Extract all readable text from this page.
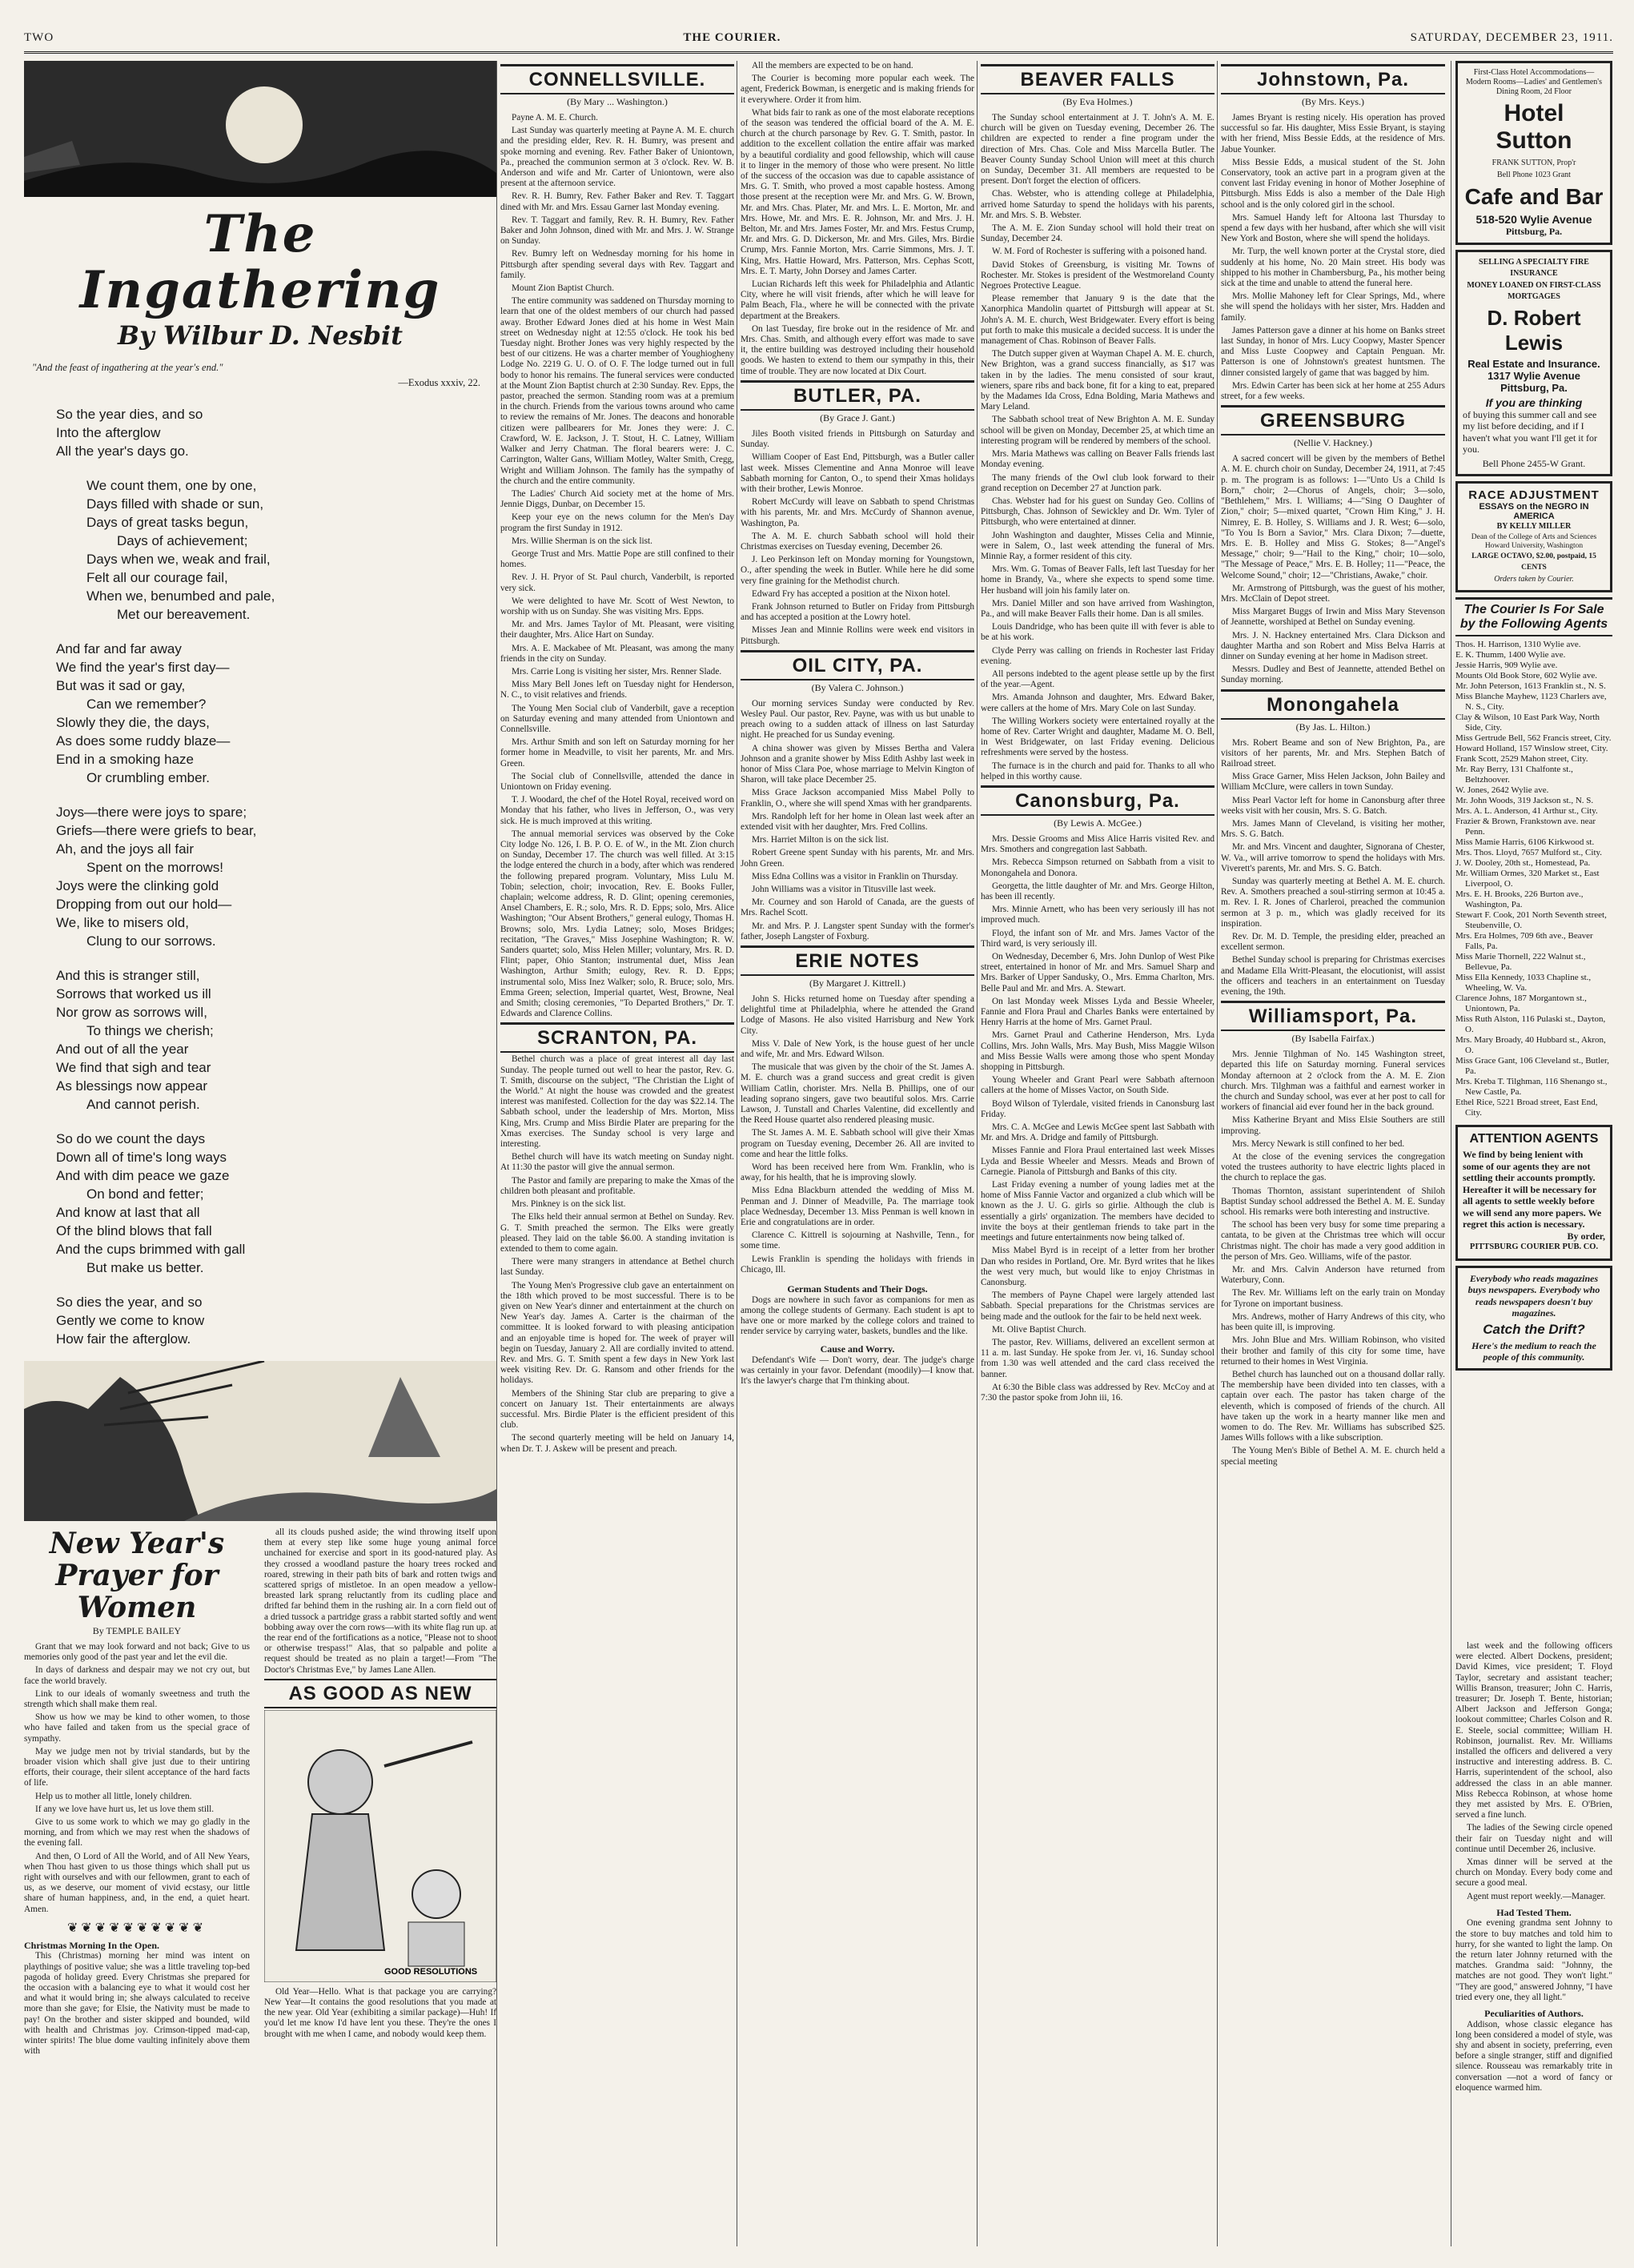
TWO	THE COURIER.	SATURDAY, DECEMBER 23, 1911.
The Ingathering
By Wilbur D. Nesbit
"And the feast of ingathering at the year's end."
—Exodus xxxiv, 22.
So the year dies, and so
Into the afterglow
All the year's days go.
We count them, one by one,
Days filled with shade or sun,
Days of great tasks begun,
Days of achievement;
Days when we, weak and frail,
Felt all our courage fail,
When we, benumbed and pale,
Met our bereavement.
And far and far away
We find the year's first day—
But was it sad or gay,
Can we remember?
Slowly they die, the days,
As does some ruddy blaze—
End in a smoking haze
Or crumbling ember.
Joys—there were joys to spare;
Griefs—there were griefs to bear,
Ah, and the joys all fair
Spent on the morrows!
Joys were the clinking gold
Dropping from out our hold—
We, like to misers old,
Clung to our sorrows.
And this is stranger still,
Sorrows that worked us ill
Nor grow as sorrows will,
To things we cherish;
And out of all the year
We find that sigh and tear
As blessings now appear
And cannot perish.
So do we count the days
Down all of time's long ways
And with dim peace we gaze
On bond and fetter;
And know at last that all
Of the blind blows that fall
And the cups brimmed with gall
But make us better.
So dies the year, and so
Gently we come to know
How fair the afterglow.
New Year's Prayer for Women
By TEMPLE BAILEY

Grant that we may look forward and not back; Give to us memories only good of the past year and let the evil die.

In days of darkness and despair may we not cry out, but face the world bravely.

Link to our ideals of womanly sweetness and truth the strength which shall make them real.

Show us how we may be kind to other women, to those who have failed and taken from us the special grace of sympathy.

May we judge men not by trivial standards, but by the broader vision which shall give just due to their untiring efforts, their courage, their silent acceptance of the hard facts of life.

Help us to mother all little, lonely children.

If any we love have hurt us, let us love them still.

Give to us some work to which we may go gladly in the morning, and from which we may rest when the shadows of the evening fall.

And then, O Lord of All the World, and of All New Years, when Thou hast given to us those things which shall put us right with ourselves and with our fellowmen, grant to each of us, as we deserve, our moment of vivid ecstasy, our little share of human happiness, and, in the end, a quiet heart. Amen.

❦❦❦❦❦❦❦❦❦❦
Christmas Morning In the Open.

This (Christmas) morning her mind was intent on playthings of positive value; she was a little traveling top-bed pagoda of holiday greed. Every Christmas she prepared for the occasion with a balancing eye to what it would cost her and what it would bring in; she always calculated to receive more than she gave; for Elsie, the Nativity must be made to pay! On the brother and sister skipped and bounded, wild with health and Christmas joy. Crimson-tipped mad-cap, winter spirits! The blue dome vaulting infinitely above them with

all its clouds pushed aside; the wind throwing itself upon them at every step like some huge young animal force unchained for exercise and sport in its good-natured play. As they crossed a woodland pasture the hoary trees rocked and roared, strewing in their path bits of bark and rotten twigs and scattered sprigs of mistletoe. In an open meadow a yellow-breasted lark sprang reluctantly from its cudling place and drifted far behind them in the rushing air. In a corn field out of a dried tussock a partridge grass a rabbit started softly and went bobbing away over the corn rows—with its white flag run up. at the rear end of the fortifications as a notice, "Please not to shoot or otherwise trespass!" Alas, that so palpable and polite a request should be treated as no plain a target!—From "The Doctor's Christmas Eve," by James Lane Allen.

AS GOOD AS NEW
GOOD RESOLUTIONS

Old Year—Hello. What is that package you are carrying? New Year—It contains the good resolutions that you made at the new year. Old Year (exhibiting a similar package)—Huh! If you'd let me know I'd have lent you these. They're the ones I brought with me when I came, and nobody would keep them.

CONNELLSVILLE.
(By Mary ... Washington.)

Payne A. M. E. Church.

Last Sunday was quarterly meeting at Payne A. M. E. church and the presiding elder, Rev. R. H. Bumry, was present and spoke morning and evening. Rev. Father Baker of Uniontown, Pa., preached the communion sermon at 3 o'clock. Rev. W. B. Anderson and wife and Mr. Carter of Uniontown, were also present at the afternoon service.

Rev. R. H. Bumry, Rev. Father Baker and Rev. T. Taggart dined with Mr. and Mrs. Essau Garner last Monday evening.

Rev. T. Taggart and family, Rev. R. H. Bumry, Rev. Father Baker and John Johnson, dined with Mr. and Mrs. J. W. Strange on Sunday.

Rev. Bumry left on Wednesday morning for his home in Pittsburgh after spending several days with Rev. Taggart and family.

Mount Zion Baptist Church.

The entire community was saddened on Thursday morning to learn that one of the oldest members of our church had passed away. Brother Edward Jones died at his home in West Main street on Wednesday night at 12:55 o'clock. He took his bed Tuesday night. Brother Jones was very highly respected by the best of our citizens. He was a charter member of Youghiogheny Lodge No. 2219 G. U. O. of O. F. The lodge turned out in full body to honor his remains. The funeral services were conducted at the Mount Zion Baptist church at 2:30 Sunday. Rev. Epps, the pastor, preached the sermon. Standing room was at a premium in the church. Friends from the various towns around who came to review the remains of Mr. Jones. The deacons and honorable citizen were pallbearers for Mr. Jones they were: J. C. Crawford, W. E. Jackson, J. T. Stout, H. C. Latney, William Walker and Jerry Chatman. The floral bearers were: J. C. Carrington, Walter Gans, William Motley, Walter Smith, Cregg, Wright and William Johnson. The family has the sympathy of the church and the entire community.

The Ladies' Church Aid society met at the home of Mrs. Jennie Diggs, Dunbar, on December 15.

Keep your eye on the news column for the Men's Day program the first Sunday in 1912.

Mrs. Willie Sherman is on the sick list.

George Trust and Mrs. Mattie Pope are still confined to their homes.

Rev. J. H. Pryor of St. Paul church, Vanderbilt, is reported very sick.

We were delighted to have Mr. Scott of West Newton, to worship with us on Sunday. She was visiting Mrs. Epps.

Mr. and Mrs. James Taylor of Mt. Pleasant, were visiting their daughter, Mrs. Alice Hart on Sunday.

Mrs. A. E. Mackabee of Mt. Pleasant, was among the many friends in the city on Sunday.

Mrs. Carrie Long is visiting her sister, Mrs. Renner Slade.

Miss Mary Bell Jones left on Tuesday night for Henderson, N. C., to visit relatives and friends.

The Young Men Social club of Vanderbilt, gave a reception on Saturday evening and many attended from Uniontown and Connellsville.

Mrs. Arthur Smith and son left on Saturday morning for her former home in Meadville, to visit her parents, Mr. and Mrs. Green.

The Social club of Connellsville, attended the dance in Uniontown on Friday evening.

T. J. Woodard, the chef of the Hotel Royal, received word on Monday that his father, who lives in Jefferson, O., was very sick. He is much improved at this writing.

The annual memorial services was observed by the Coke City lodge No. 126, I. B. P. O. E. of W., in the Mt. Zion church on Sunday, December 17. The church was well filled. At 3:15 the lodge entered the church in a body, after which was rendered the following prepared program. Voluntary, Miss Lulu M. Tobin; selection, choir; invocation, Rev. E. Books Fuller, chaplain; welcome address, R. D. Glint; opening ceremonies, Ansel Chambers, E. R.; solo, Mrs. R. D. Epps; solo, Mrs. Alice Washington; "Our Absent Brothers," general eulogy, Thomas H. Browns; solo, Mrs. Lydia Latney; solo, Moses Bridges; recitation, "The Graves," Miss Josephine Washington; R. W. Sanders quartet; solo, Miss Helen Miller; voluntary, Mrs. R. D. Flint; paper, Ohio Stanton; instrumental duet, Miss Jean Washington, Arthur Smith; eulogy, Rev. R. D. Epps; instrumental solo, Miss Inez Walker; solo, R. Bruce; solo, Mrs. Emma Green; selection, Imperial quartet, West, Browne, Neal and Smith; closing ceremonies, "To Departed Brothers," Dr. T. Edwards and Clarence Collins.

SCRANTON, PA.

Bethel church was a place of great interest all day last Sunday. The people turned out well to hear the pastor, Rev. G. T. Smith, discourse on the subject, "The Christian the Light of the World." At night the house was crowded and the greatest interest was manifested. Collection for the day was $22.14. The Sabbath school, under the leadership of Mrs. Morton, Miss King, Mrs. Crump and Miss Birdie Plater are preparing for the Xmas exercises. The Sunday school is very large and interesting.

Bethel church will have its watch meeting on Sunday night. At 11:30 the pastor will give the annual sermon.

The Pastor and family are preparing to make the Xmas of the children both pleasant and profitable.

Mrs. Pinkney is on the sick list.

The Elks held their annual sermon at Bethel on Sunday. Rev. G. T. Smith preached the sermon. The Elks were greatly pleased. They laid on the table $6.00. A standing invitation is extended to them to come again.

There were many strangers in attendance at Bethel church last Sunday.

The Young Men's Progressive club gave an entertainment on the 18th which proved to be most successful. There is to be given on New Year's dinner and entertainment at the church on New Year's day. James A. Carter is the chairman of the committee. It is looked forward to with pleasing anticipation and an enjoyable time is hoped for. The week of prayer will begin on Tuesday, January 2. All are cordially invited to attend. Rev. and Mrs. G. T. Smith spent a few days in New York last week visiting Rev. Dr. G. Ransom and other friends for the holidays.

Members of the Shining Star club are preparing to give a concert on January 1st. Their entertainments are always successful. Mrs. Birdie Plater is the efficient president of this club.

The second quarterly meeting will be held on January 14, when Dr. T. J. Askew will be present and preach.

All the members are expected to be on hand.

The Courier is becoming more popular each week. The agent, Frederick Bowman, is energetic and is making friends for it everywhere. Order it from him.

What bids fair to rank as one of the most elaborate receptions of the season was tendered the official board of the A. M. E. church at the church parsonage by Rev. G. T. Smith, pastor. In addition to the excellent collation the entire affair was marked by a beautiful cordiality and good fellowship, which will cause it to linger in the memory of those who were present. No little of the success of the occasion was due to capable assistance of Mrs. G. T. Smith, who proved a most capable hostess. Among those present at the reception were Mr. and Mrs. G. W. Brown, Mr. and Mrs. Chas. Plater, Mr. and Mrs. L. E. Morton, Mr. and Mrs. Howe, Mr. and Mrs. E. R. Johnson, Mr. and Mrs. J. H. Belton, Mr. and Mrs. James Foster, Mr. and Mrs. Festus Crump, Mr. and Mrs. G. D. Dickerson, Mr. and Mrs. Giles, Mrs. Birdie Crump, Mrs. Fannie Morton, Mrs. Carrie Simmons, Mrs. J. T. King, Mrs. Hattie Howard, Mrs. Patterson, Mrs. Cephas Scott, Mrs. E. T. Marty, John Dorsey and James Carter.

Lucian Richards left this week for Philadelphia and Atlantic City, where he will visit friends, after which he will leave for Palm Beach, Fla., where he will be connected with the private department at the Breakers.

On last Tuesday, fire broke out in the residence of Mr. and Mrs. Chas. Smith, and although every effort was made to save it, the entire building was destroyed including their household goods. We hasten to extend to them our sympathy in this, their time of trouble. They are now located at Dix Court.

BUTLER, PA.
(By Grace J. Gant.)

Jiles Booth visited friends in Pittsburgh on Saturday and Sunday.

William Cooper of East End, Pittsburgh, was a Butler caller last week. Misses Clementine and Anna Monroe will leave Sabbath morning for Canton, O., to spend their Xmas holidays with their brother, Lewis Monroe.

Robert McCurdy will leave on Sabbath to spend Christmas with his parents, Mr. and Mrs. McCurdy of Shannon avenue, Washington, Pa.

The A. M. E. church Sabbath school will hold their Christmas exercises on Tuesday evening, December 26.

J. Leo Perkinson left on Monday morning for Youngstown, O., after spending the week in Butler. While here he did some very fine graining for the Methodist church.

Edward Fry has accepted a position at the Nixon hotel.

Frank Johnson returned to Butler on Friday from Pittsburgh and has accepted a position at the Lowry hotel.

Misses Jean and Minnie Rollins were week end visitors in Pittsburgh.

OIL CITY, PA.
(By Valera C. Johnson.)

Our morning services Sunday were conducted by Rev. Wesley Paul. Our pastor, Rev. Payne, was with us but unable to preach owing to a sudden attack of illness on last Saturday night. He preached for us Sunday evening.

A china shower was given by Misses Bertha and Valera Johnson and a granite shower by Miss Edith Ashby last week in honor of Miss Clara Poe, whose marriage to Melvin Kington of Sharon, will take place December 25.

Miss Grace Jackson accompanied Miss Mabel Polly to Franklin, O., where she will spend Xmas with her grandparents.

Mrs. Randolph left for her home in Olean last week after an extended visit with her daughter, Mrs. Fred Collins.

Mrs. Harriet Milton is on the sick list.

Robert Greene spent Sunday with his parents, Mr. and Mrs. John Green.

Miss Edna Collins was a visitor in Franklin on Thursday.

John Williams was a visitor in Titusville last week.

Mr. Courney and son Harold of Canada, are the guests of Mrs. Rachel Scott.

Mr. and Mrs. P. J. Langster spent Sunday with the former's father, Joseph Langster of Foxburg.

ERIE NOTES
(By Margaret J. Kittrell.)

John S. Hicks returned home on Tuesday after spending a delightful time at Philadelphia, where he attended the Grand Lodge of Masons. He also visited Harrisburg and New York City.

Miss V. Dale of New York, is the house guest of her uncle and wife, Mr. and Mrs. Edward Wilson.

The musicale that was given by the choir of the St. James A. M. E. church was a grand success and great credit is given William Catlin, chorister. Mrs. Nella B. Phillips, one of our leading soprano singers, gave two beautiful solos. Mrs. Carrie Lawson, J. Tunstall and Charles Valentine, did excellently and the Reed House quartet also rendered pleasing music.

The St. James A. M. E. Sabbath school will give their Xmas program on Tuesday evening, December 26. All are invited to come and hear the little folks.

Word has been received here from Wm. Franklin, who is away, for his health, that he is improving slowly.

Miss Edna Blackburn attended the wedding of Miss M. Penman and J. Dinner of Meadville, Pa. The marriage took place Wednesday, December 13. Miss Penman is well known in Erie and congratulations are in order.

Clarence C. Kittrell is sojourning at Nashville, Tenn., for some time.

Lewis Franklin is spending the holidays with friends in Chicago, Ill.

German Students and Their Dogs.

Dogs are nowhere in such favor as companions for men as among the college students of Germany. Each student is apt to have one or more marked by the college colors and trained to render service by carrying water, baskets, bundles and the like.

Cause and Worry.

Defendant's Wife — Don't worry, dear. The judge's charge was certainly in your favor. Defendant (moodily)—I know that. It's the lawyer's charge that I'm thinking about.

BEAVER FALLS
(By Eva Holmes.)

The Sunday school entertainment at J. T. John's A. M. E. church will be given on Tuesday evening, December 26. The children are expected to render a fine program under the direction of Mrs. Chas. Cole and Miss Marcella Butler. The Beaver County Sunday School Union will meet at this church on Sunday, December 31. All members are requested to be present. Don't forget the election of officers.

Chas. Webster, who is attending college at Philadelphia, arrived home Saturday to spend the holidays with his parents, Mr. and Mrs. S. B. Webster.

The A. M. E. Zion Sunday school will hold their treat on Sunday, December 24.

W. M. Ford of Rochester is suffering with a poisoned hand.

David Stokes of Greensburg, is visiting Mr. Towns of Rochester. Mr. Stokes is president of the Westmoreland County Negroes Protective League.

Please remember that January 9 is the date that the Xanorphica Mandolin quartet of Pittsburgh will appear at St. John's A. M. E. church, West Bridgewater. Every effort is being put forth to make this musicale a decided success. It is under the management of Chas. Robinson of Beaver Falls.

The Dutch supper given at Wayman Chapel A. M. E. church, New Brighton, was a grand success financially, as $17 was taken in by the ladies. The menu consisted of sour kraut, wieners, spare ribs and back bone, fit for a king to eat, prepared by the Madames Ida Cross, Edna Bolding, Maria Mathews and Mary Leland.

The Sabbath school treat of New Brighton A. M. E. Sunday school will be given on Monday, December 25, at which time an interesting program will be rendered by members of the school.

Mrs. Maria Mathews was calling on Beaver Falls friends last Monday evening.

The many friends of the Owl club look forward to their grand reception on December 27 at Junction park.

Chas. Webster had for his guest on Sunday Geo. Collins of Pittsburgh, Chas. Johnson of Sewickley and Dr. Wm. Tyler of Pittsburgh, who were entertained at dinner.

John Washington and daughter, Misses Celia and Minnie, were in Salem, O., last week attending the funeral of Mrs. Minnie Ray, a former resident of this city.

Mrs. Wm. G. Tomas of Beaver Falls, left last Tuesday for her home in Brandy, Va., where she expects to spend some time. Her husband will join his family later on.

Mrs. Daniel Miller and son have arrived from Washington, Pa., and will make Beaver Falls their home. Dan is all smiles.

Louis Dandridge, who has been quite ill with fever is able to be at his work.

Clyde Perry was calling on friends in Rochester last Friday evening.

All persons indebted to the agent please settle up by the first of the year.—Agent.

Mrs. Amanda Johnson and daughter, Mrs. Edward Baker, were callers at the home of Mrs. Mary Cole on last Sunday.

The Willing Workers society were entertained royally at the home of Rev. Carter Wright and daughter, Madame M. O. Bell, in West Bridgewater, on last Friday evening. Delicious refreshments were served by the hostess.

The furnace is in the church and paid for. Thanks to all who helped in this worthy cause.

Canonsburg, Pa.
(By Lewis A. McGee.)

Mrs. Dessie Grooms and Miss Alice Harris visited Rev. and Mrs. Smothers and congregation last Sabbath.

Mrs. Rebecca Simpson returned on Sabbath from a visit to Monongahela and Donora.

Georgetta, the little daughter of Mr. and Mrs. George Hilton, has been ill recently.

Mrs. Minnie Arnett, who has been very seriously ill has not improved much.

Floyd, the infant son of Mr. and Mrs. James Vactor of the Third ward, is very seriously ill.

On Wednesday, December 6, Mrs. John Dunlop of West Pike street, entertained in honor of Mr. and Mrs. Samuel Sharp and Mrs. Barker of Upper Sandusky, O., Mrs. Emma Charlton, Mrs. Belle Paul and Mr. and Mrs. A. Stewart.

On last Monday week Misses Lyda and Bessie Wheeler, Fannie and Flora Praul and Charles Banks were entertained by Henry Harris at the home of Mrs. Garnet Praul.

Mrs. Garnet Praul and Catherine Henderson, Mrs. Lyda Collins, Mrs. John Walls, Mrs. May Bush, Miss Maggie Wilson and Miss Bessie Walls were among those who spent Monday shopping in Pittsburgh.

Young Wheeler and Grant Pearl were Sabbath afternoon callers at the home of Misses Vactor, on South Side.

Boyd Wilson of Tylerdale, visited friends in Canonsburg last Friday.

Mrs. C. A. McGee and Lewis McGee spent last Sabbath with Mr. and Mrs. A. Dridge and family of Pittsburgh.

Misses Fannie and Flora Praul entertained last week Misses Lyda and Bessie Wheeler and Messrs. Meads and Brown of Carnegie. Pianola of Pittsburgh and Banks of this city.

Last Friday evening a number of young ladies met at the home of Miss Fannie Vactor and organized a club which will be known as the J. U. G. girls so girlie. Although the club is essentially a girls' organization. The members have decided to invite the boys at their gentleman friends to take part in the meetings and future entertainments now being talked of.

Miss Mabel Byrd is in receipt of a letter from her brother Dan who resides in Portland, Ore. Mr. Byrd writes that he likes the west very much, but would like to enjoy Christmas in Canonsburg.

The members of Payne Chapel were largely attended last Sabbath. Special preparations for the Christmas services are being made and the outlook for the fair to be held next week.

Mt. Olive Baptist Church.

The pastor, Rev. Williams, delivered an excellent sermon at 11 a. m. last Sunday. He spoke from Jer. vi, 16. Sunday school from 1.30 was well attended and the card class received the banner.

At 6:30 the Bible class was addressed by Rev. McCoy and at 7:30 the pastor spoke from John iii, 16.

Johnstown, Pa.
(By Mrs. Keys.)

James Bryant is resting nicely. His operation has proved successful so far. His daughter, Miss Essie Bryant, is staying with her friend, Miss Bessie Edds, at the residence of Mrs. Jabue Younker.

Miss Bessie Edds, a musical student of the St. John Conservatory, took an active part in a program given at the convent last Friday evening in honor of Mother Josephine of Pittsburgh. Miss Edds is also a member of the Dale High school and is the only colored girl in the school.

Mrs. Samuel Handy left for Altoona last Thursday to spend a few days with her husband, after which she will visit New York and Boston, where she will spend the holidays.

Mr. Turp, the well known porter at the Crystal store, died suddenly at his home, No. 20 Main street. His body was shipped to his mother in Chambersburg, Pa., his mother being sick at the time and unable to attend the funeral here.

Mrs. Mollie Mahoney left for Clear Springs, Md., where she will spend the holidays with her sister, Mrs. Hadden and family.

James Patterson gave a dinner at his home on Banks street last Sunday, in honor of Mrs. Lucy Coopwy, Master Spencer and Miss Luste Coopwey and Captain Penguan. Mr. Patterson is one of Johnstown's greatest huntsmen. The dinner consisted largely of game that was bagged by him.

Mrs. Edwin Carter has been sick at her home at 255 Adurs street, for a few weeks.

GREENSBURG
(Nellie V. Hackney.)

A sacred concert will be given by the members of Bethel A. M. E. church choir on Sunday, December 24, 1911, at 7:45 p. m. The program is as follows: 1—"Unto Us a Child Is Born," choir; 2—Chorus of Angels, choir; 3—solo, "Bethlehem," Mrs. I. Williams; 4—"Sing O Daughter of Zion," choir; 5—mixed quartet, "Crown Him King," J. H. Nimrey, E. B. Holley, S. Williams and J. R. West; 6—solo, "To You Is Born a Savior," Mrs. Clara Dixon; 7—duette, Mrs. E. B. Holley and Miss G. Stokes; 8—"Angel's Message," choir; 9—"Hail to the King," choir; 10—solo, "The Message of Peace," Mrs. E. B. Holley; 11—"Peace, the Welcome Sound," choir; 12—"Christians, Awake," choir.

Mr. Armstrong of Pittsburgh, was the guest of his mother, Mrs. McClain of Depot street.

Miss Margaret Buggs of Irwin and Miss Mary Stevenson of Jeannette, worshiped at Bethel on Sunday evening.

Mrs. J. N. Hackney entertained Mrs. Clara Dickson and daughter Martha and son Robert and Miss Belva Harris at dinner on Sunday evening at her home in Madison street.

Messrs. Dudley and Best of Jeannette, attended Bethel on Sunday morning.

Monongahela
(By Jas. L. Hilton.)

Mrs. Robert Beame and son of New Brighton, Pa., are visitors of her parents, Mr. and Mrs. Stephen Batch of Railroad street.

Miss Grace Garner, Miss Helen Jackson, John Bailey and William McClure, were callers in town Sunday.

Miss Pearl Vactor left for home in Canonsburg after three weeks visit with her cousin, Mrs. S. G. Batch.

Mrs. James Mann of Cleveland, is visiting her mother, Mrs. S. G. Batch.

Mr. and Mrs. Vincent and daughter, Signorana of Chester, W. Va., will arrive tomorrow to spend the holidays with Mrs. Viverett's parents, Mr. and Mrs. S. G. Batch.

Sunday was quarterly meeting at Bethel A. M. E. church. Rev. A. Smothers preached a soul-stirring sermon at 10:45 a. m. Rev. I. R. Jones of Charleroi, preached the communion sermon at 3 p. m., which was gladly received for its inspiration.

Rev. Dr. M. D. Temple, the presiding elder, preached an excellent sermon.

Bethel Sunday school is preparing for Christmas exercises and Madame Ella Writt-Pleasant, the elocutionist, will assist the officers and teachers in an entertainment on Tuesday evening, the 19th.

Williamsport, Pa.
(By Isabella Fairfax.)

Mrs. Jennie Tilghman of No. 145 Washington street, departed this life on Saturday morning. Funeral services Monday afternoon at 2 o'clock from the A. M. E. Zion church. Mrs. Tilghman was a faithful and earnest worker in the church and Sunday school, was ever at her post to call for workers of financial aid ever found her in the back ground.

Miss Katherine Bryant and Miss Elsie Southers are still improving.

Mrs. Mercy Newark is still confined to her bed.

At the close of the evening services the congregation voted the trustees authority to have electric lights placed in the church to replace the gas.

Thomas Thornton, assistant superintendent of Shiloh Baptist Sunday school addressed the Bethel A. M. E. Sunday school. His remarks were both interesting and instructive.

The school has been very busy for some time preparing a cantata, to be given at the Christmas tree which will occur Christmas night. The choir has made a very good addition in the person of Mrs. Geo. Williams, wife of the pastor.

Mr. and Mrs. Calvin Anderson have returned from Waterbury, Conn.

The Rev. Mr. Williams left on the early train on Monday for Tyrone on important business.

Mrs. Andrews, mother of Harry Andrews of this city, who has been quite ill, is improving.

Mrs. John Blue and Mrs. William Robinson, who visited their brother and family of this city for some time, have returned to their homes in West Virginia.

Bethel church has launched out on a thousand dollar rally. The membership have been divided into ten classes, with a captain over each. The pastor has taken charge of the eleventh, which is composed of friends of the church. All have taken up the work in a hearty manner like men and women to do. The Rev. Mr. Williams has subscribed $25. James Wills follows with a like subscription.

The Young Men's Bible of Bethel A. M. E. church held a special meeting

First-Class Hotel Accommodations—Modern Rooms—Ladies' and Gentlemen's Dining Room, 2d Floor
Hotel Sutton
FRANK SUTTON, Prop'r
Bell Phone 1023 Grant
Cafe and Bar
518-520 Wylie Avenue
Pittsburg, Pa.
SELLING A SPECIALTY FIRE INSURANCE
MONEY LOANED ON FIRST-CLASS MORTGAGES
D. Robert Lewis
Real Estate and Insurance.
1317 Wylie Avenue Pittsburg, Pa.
If you are thinking
of buying this summer call and see my list before deciding, and if I haven't what you want I'll get it for you.
Bell Phone 2455-W Grant.
RACE ADJUSTMENT
ESSAYS on the NEGRO IN AMERICA
BY KELLY MILLER
Dean of the College of Arts and Sciences Howard University, Washington
LARGE OCTAVO, $2.00, postpaid, 15 CENTS
Orders taken by Courier.
The Courier Is For Sale by the Following Agents

Thos. H. Harrison, 1310 Wylie ave.

E. K. Thumm, 1400 Wylie ave.

Jessie Harris, 909 Wylie ave.

Mounts Old Book Store, 602 Wylie ave.

Mr. John Peterson, 1613 Franklin st., N. S.

Miss Blanche Mayhew, 1123 Charlers ave, N. S., City.

Clay & Wilson, 10 East Park Way, North Side, City.

Miss Gertrude Bell, 562 Francis street, City.

Howard Holland, 157 Winslow street, City.

Frank Scott, 2529 Mahon street, City.

Mr. Ray Berry, 131 Chalfonte st., Beltzhoover.

W. Jones, 2642 Wylie ave.

Mr. John Woods, 319 Jackson st., N. S.

Mrs. A. L. Anderson, 41 Arthur st., City.

Frazier & Brown, Frankstown ave. near Penn.

Miss Mamie Harris, 6106 Kirkwood st.

Mrs. Thos. Lloyd, 7657 Mulford st., City.

J. W. Dooley, 20th st., Homestead, Pa.

Mr. William Ormes, 320 Market st., East Liverpool, O.

Mrs. E. H. Brooks, 226 Burton ave., Washington, Pa.

Stewart F. Cook, 201 North Seventh street, Steubenville, O.

Mrs. Era Holmes, 709 6th ave., Beaver Falls, Pa.

Miss Marie Thornell, 222 Walnut st., Bellevue, Pa.

Miss Ella Kennedy, 1033 Chapline st., Wheeling, W. Va.

Clarence Johns, 187 Morgantown st., Uniontown, Pa.

Miss Ruth Alston, 116 Pulaski st., Dayton, O.

Mrs. Mary Broady, 40 Hubbard st., Akron, O.

Miss Grace Gant, 106 Cleveland st., Butler, Pa.

Mrs. Kreba T. Tilghman, 116 Shenango st., New Castle, Pa.

Ethel Rice, 5221 Broad street, East End, City.

ATTENTION AGENTS
We find by being lenient with some of our agents they are not settling their accounts promptly. Hereafter it will be necessary for all agents to settle weekly before we will send any more papers. We regret this action is necessary.
By order,
PITTSBURG COURIER PUB. CO.
Everybody who reads magazines buys newspapers. Everybody who reads newspapers doesn't buy magazines.
Catch the Drift?
Here's the medium to reach the people of this community.

last week and the following officers were elected. Albert Dockens, president; David Kimes, vice president; T. Floyd Taylor, secretary and assistant teacher; Willis Branson, treasurer; John C. Harris, treasurer; Dr. Joseph T. Bente, historian; Albert Jackson and Jefferson Gonga; lookout committee; Charles Colson and R. E. Steele, social committee; William H. Robinson, journalist. Rev. Mr. Williams installed the officers and delivered a very instructive and interesting address. B. C. Harris, superintendent of the school, also addressed the class in an able manner. Miss Rebecca Robinson, at whose home they met assisted by Mrs. E. O'Brien, served a fine lunch.

The ladies of the Sewing circle opened their fair on Tuesday night and will continue until December 26, inclusive.

Xmas dinner will be served at the church on Monday. Every body come and secure a good meal.

Agent must report weekly.—Manager.

Had Tested Them.

One evening grandma sent Johnny to the store to buy matches and told him to hurry, for she wanted to light the lamp. On the return later Johnny returned with the matches. Grandma said: "Johnny, the matches are not good. They won't light." "They are good," answered Johnny, "I have tried every one, they all light."

Peculiarities of Authors.

Addison, whose classic elegance has long been considered a model of style, was shy and absent in society, preferring, even before a single stranger, stiff and dignified silence. Rousseau was remarkably trite in conversation —not a word of fancy or eloquence warmed him.
